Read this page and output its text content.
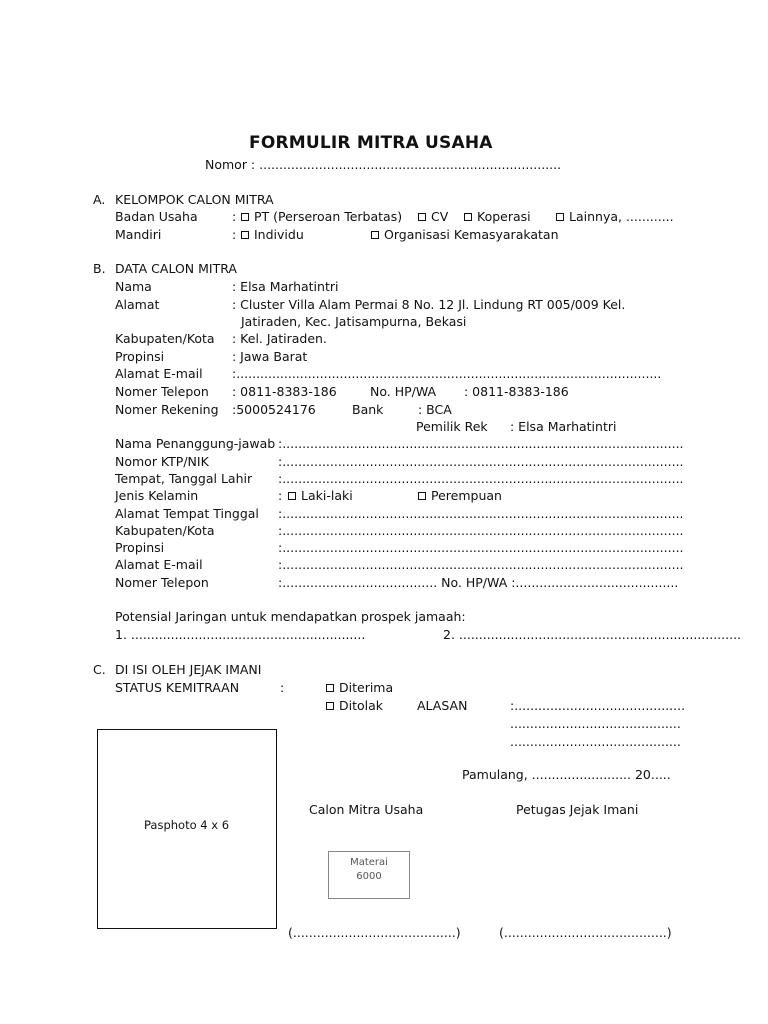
FORMULIR MITRA USAHA
Nomor : ............................................................................
A. KELOMPOK CALON MITRA
Badan Usaha	:	PT (Perseroan Terbatas)	CV	Koperasi	Lainnya, ............
Mandiri	:	Individu	Organisasi Kemasyarakatan
B. DATA CALON MITRA
Nama	: Elsa Marhatintri
Alamat	: Cluster Villa Alam Permai 8 No. 12 Jl. Lindung RT 005/009 Kel.
Jatiraden, Kec. Jatisampurna, Bekasi
Kabupaten/Kota : Kel. Jatiraden.
Propinsi	: Jawa Barat
Alamat E-mail :...........................................................................................................
Nomer Telepon : 0811-8383-186	No. HP/WA : 0811-8383-186
Nomer Rekening :5000524176	Bank	: BCA
Pemilik Rek : Elsa Marhatintri
Nama Penanggung-jawab :.....................................................................................................
Nomor KTP/NIK	:.....................................................................................................
Tempat, Tanggal Lahir :.....................................................................................................
Jenis Kelamin	:	Laki-laki	Perempuan
Alamat Tempat Tinggal :.....................................................................................................
Kabupaten/Kota	:.....................................................................................................
Propinsi	:.....................................................................................................
Alamat E-mail	:.....................................................................................................
Nomer Telepon	:....................................... No. HP/WA :.........................................
Potensial Jaringan untuk mendapatkan prospek jamaah:
1. ...........................................................	2. .......................................................................
C. DI ISI OLEH JEJAK IMANI
STATUS KEMITRAAN	:	Diterima
Ditolak	ALASAN	:...........................................
...........................................
...........................................
Pasphoto 4 x 6
Pamulang, ......................... 20.....
Calon Mitra Usaha	Petugas Jejak Imani
Materai
6000
(.........................................)	(.........................................)
